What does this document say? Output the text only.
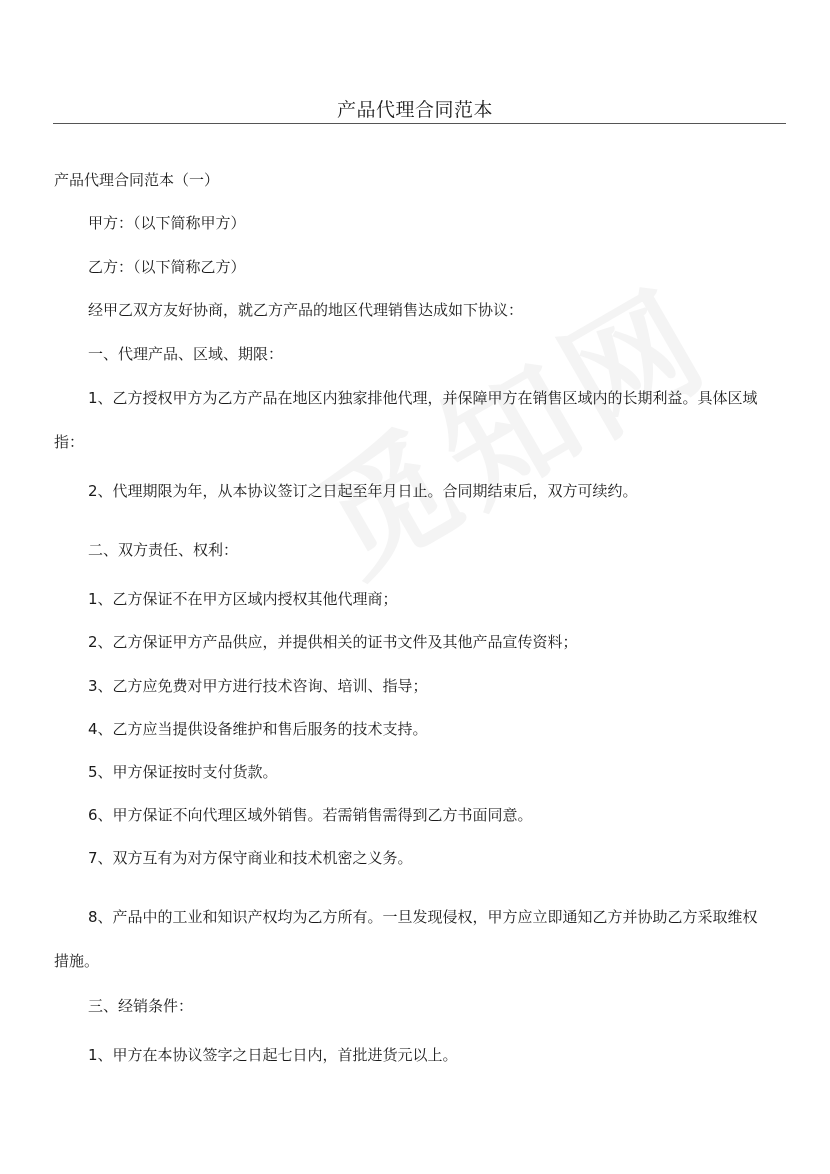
产品代理合同范本
产品代理合同范本（一）
甲方：（以下简称甲方）
乙方：（以下简称乙方）
经甲乙双方友好协商，就乙方产品的地区代理销售达成如下协议：
一、代理产品、区域、期限：
1、乙方授权甲方为乙方产品在地区内独家排他代理，并保障甲方在销售区域内的长期利益。具体区域
指：
2、代理期限为年，从本协议签订之日起至年月日止。合同期结束后，双方可续约。
二、双方责任、权利：
1、乙方保证不在甲方区域内授权其他代理商；
2、乙方保证甲方产品供应，并提供相关的证书文件及其他产品宣传资料；
3、乙方应免费对甲方进行技术咨询、培训、指导；
4、乙方应当提供设备维护和售后服务的技术支持。
5、甲方保证按时支付货款。
6、甲方保证不向代理区域外销售。若需销售需得到乙方书面同意。
7、双方互有为对方保守商业和技术机密之义务。
8、产品中的工业和知识产权均为乙方所有。一旦发现侵权，甲方应立即通知乙方并协助乙方采取维权
措施。
三、经销条件：
1、甲方在本协议签字之日起七日内，首批进货元以上。
